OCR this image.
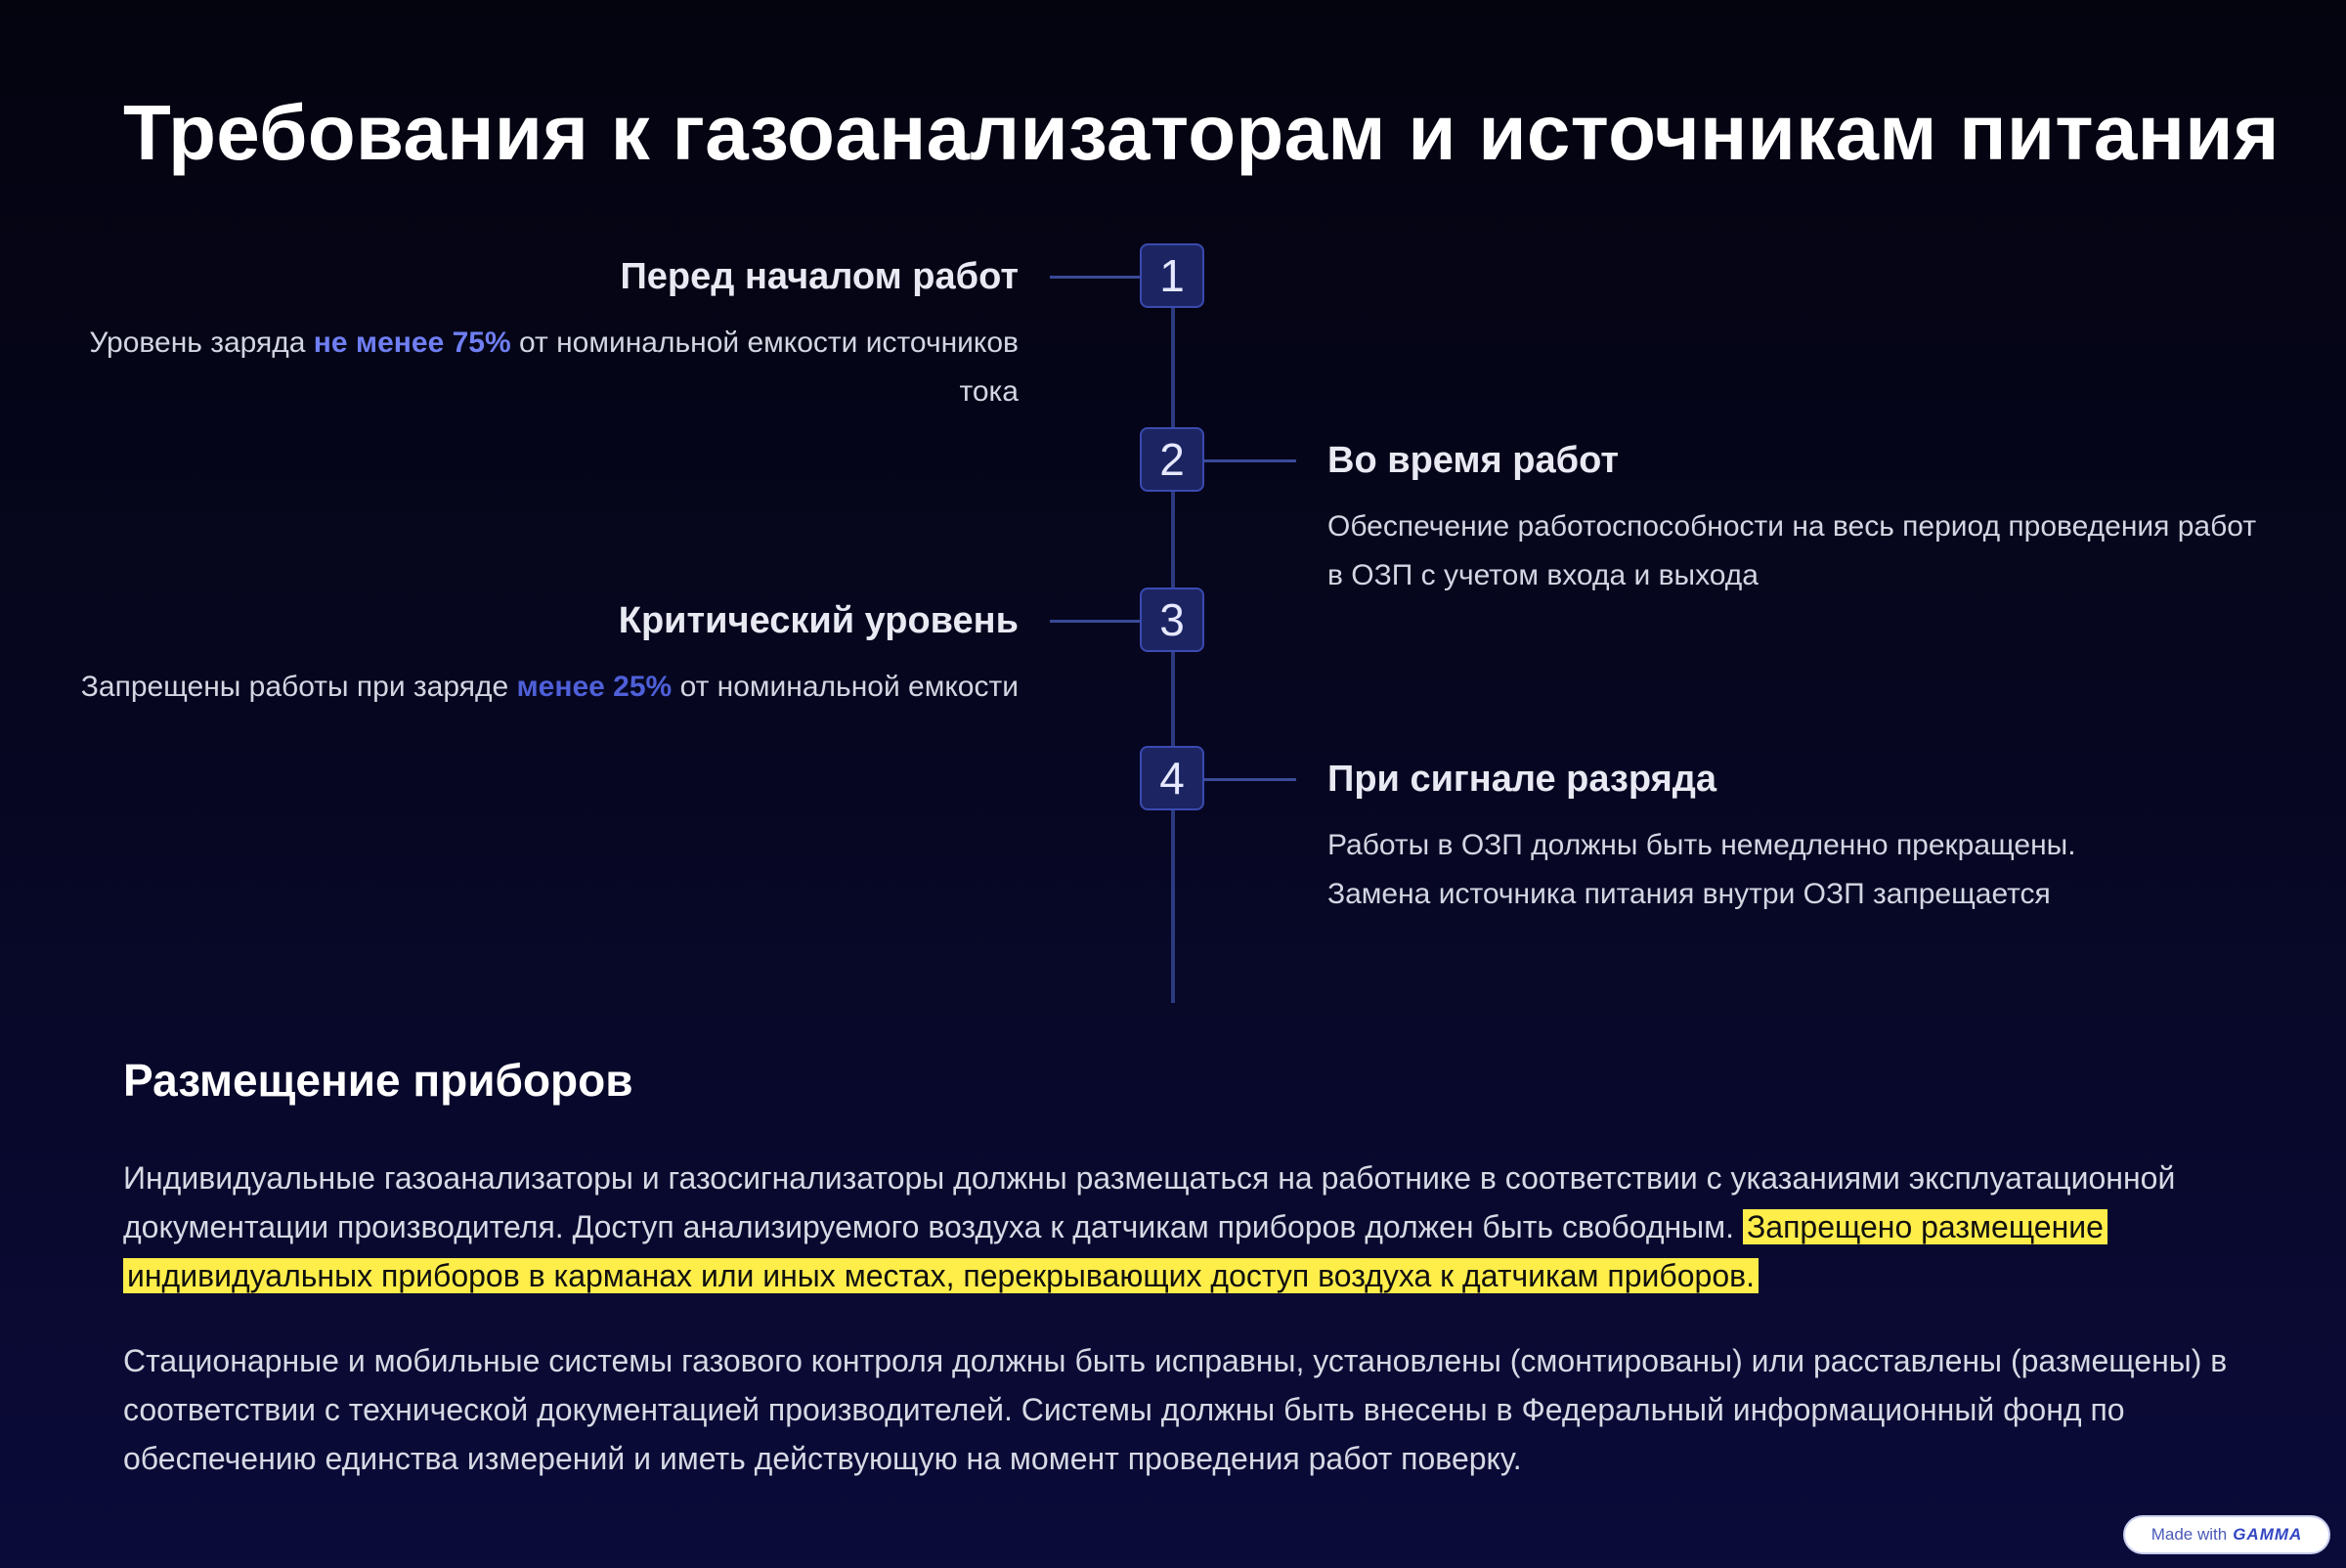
Требования к газоанализаторам и источникам питания
1
Перед началом работ
Уровень заряда не менее 75% от номинальной емкости источников тока
2	Во время работ
Обеспечение работоспособности на весь период проведения работ в ОЗП с учетом входа и выхода
3
Критический уровень
Запрещены работы при заряде менее 25% от номинальной емкости
4	При сигнале разряда
Работы в ОЗП должны быть немедленно прекращены.
Замена источника питания внутри ОЗП запрещается
Размещение приборов

Индивидуальные газоанализаторы и газосигнализаторы должны размещаться на работнике в соответствии с указаниями эксплуатационной документации производителя. Доступ анализируемого воздуха к датчикам приборов должен быть свободным. Запрещено размещение индивидуальных приборов в карманах или иных местах, перекрывающих доступ воздуха к датчикам приборов.

Стационарные и мобильные системы газового контроля должны быть исправны, установлены (смонтированы) или расставлены (размещены) в соответствии с технической документацией производителей. Системы должны быть внесены в Федеральный информационный фонд по обеспечению единства измерений и иметь действующую на момент проведения работ поверку.

Made with GAMMA
